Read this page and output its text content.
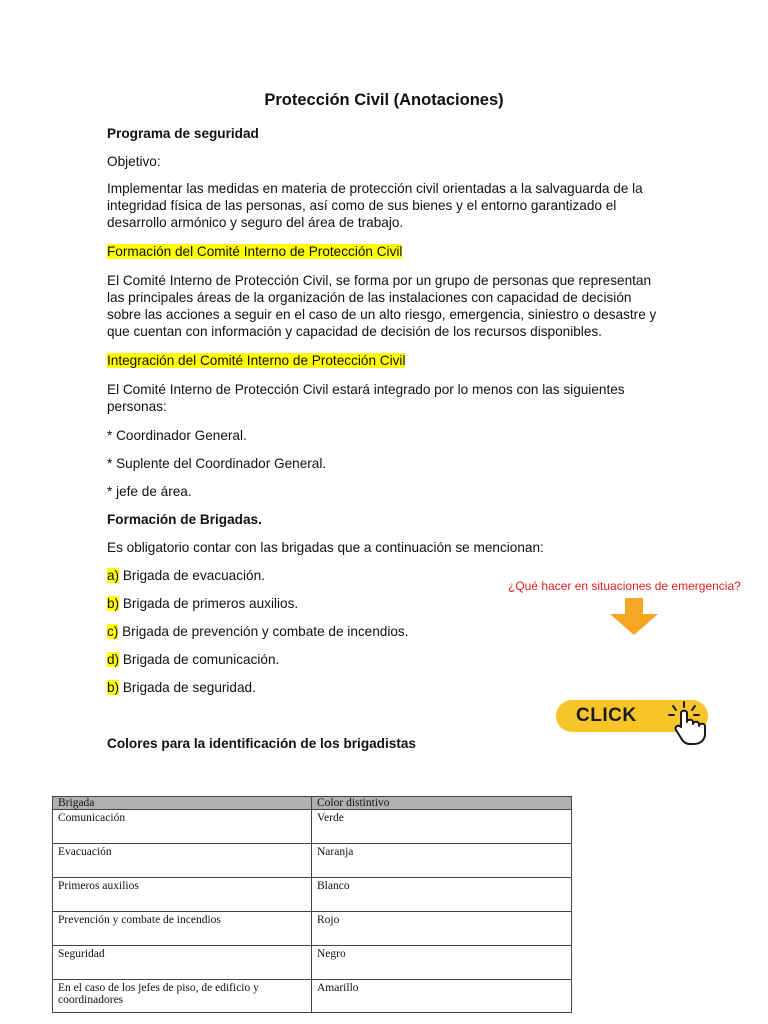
Protección Civil (Anotaciones)

Programa de seguridad

Objetivo:

Implementar las medidas en materia de protección civil orientadas a la salvaguarda de la integridad física de las personas, así como de sus bienes y el entorno garantizado el desarrollo armónico y seguro del área de trabajo.

Formación del Comité Interno de Protección Civil

El Comité Interno de Protección Civil, se forma por un grupo de personas que representan las principales áreas de la organización de las instalaciones con capacidad de decisión sobre las acciones a seguir en el caso de un alto riesgo, emergencia, siniestro o desastre y que cuentan con información y capacidad de decisión de los recursos disponibles.

Integración del Comité Interno de Protección Civil

El Comité Interno de Protección Civil estará integrado por lo menos con las siguientes personas:

* Coordinador General.

* Suplente del Coordinador General.

* jefe de área.

Formación de Brigadas.

Es obligatorio contar con las brigadas que a continuación se mencionan:

a) Brigada de evacuación.

b) Brigada de primeros auxilios.

c) Brigada de prevención y combate de incendios.

d) Brigada de comunicación.

b) Brigada de seguridad.

Colores para la identificación de los brigadistas

¿Qué hacer en situaciones de emergencia?
CLICK
Brigada	Color distintivo
Comunicación	Verde
Evacuación	Naranja
Primeros auxilios	Blanco
Prevención y combate de incendios	Rojo
Seguridad	Negro
En el caso de los jefes de piso, de edificio y coordinadores	Amarillo
